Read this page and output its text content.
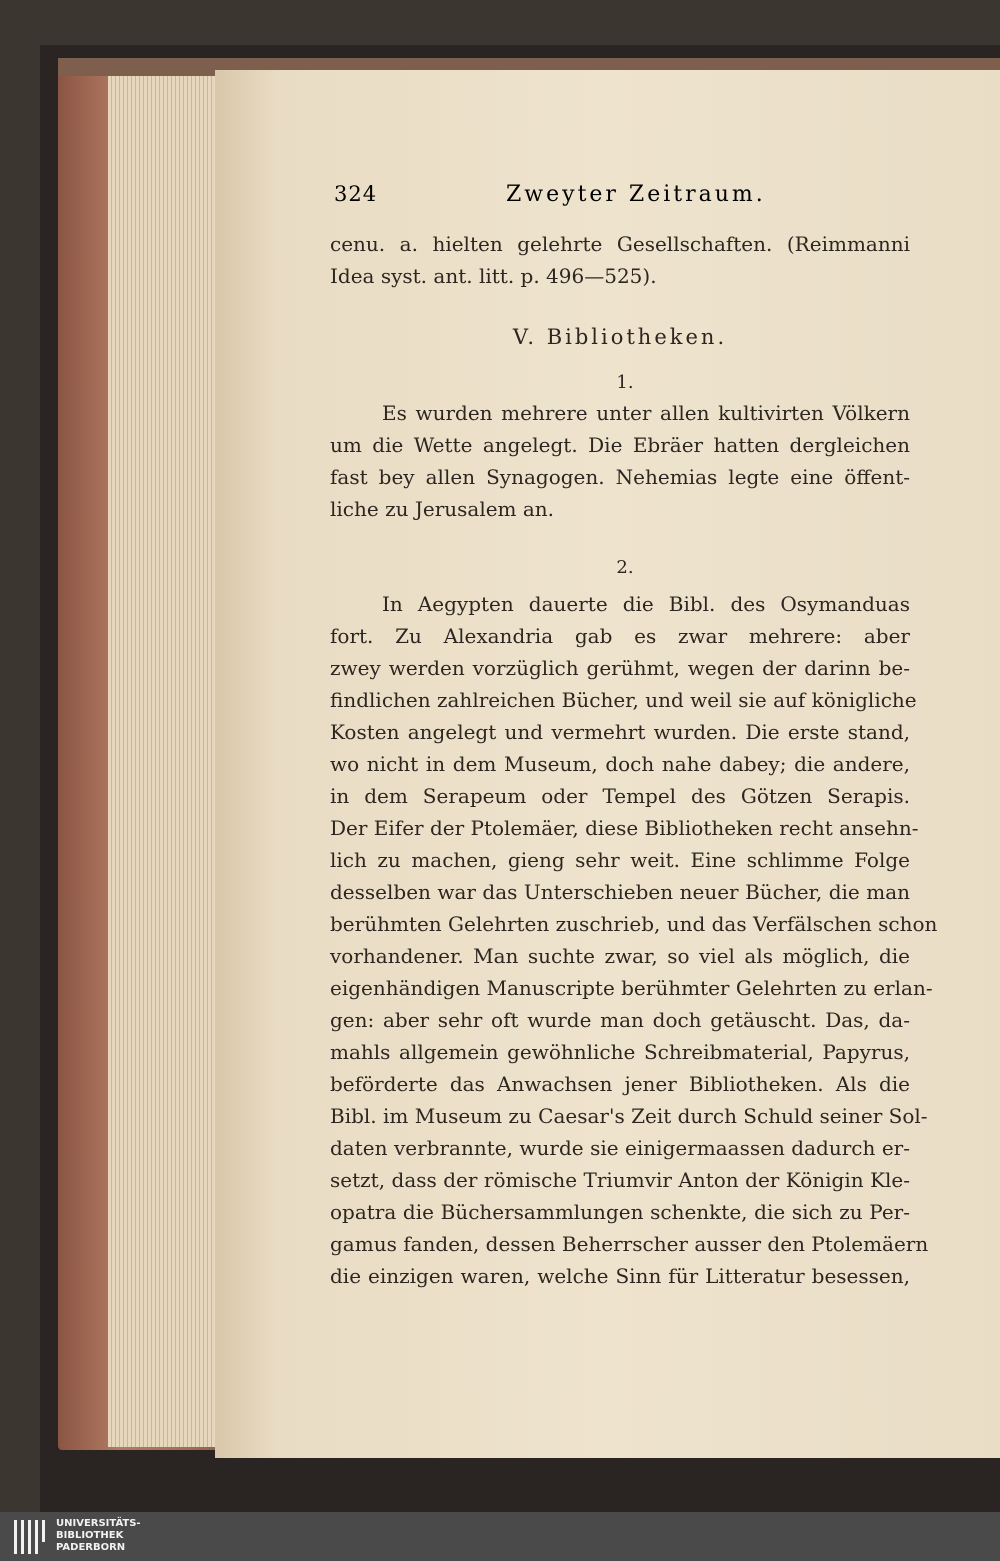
324	Zweyter Zeitraum.
cenu. a. hielten gelehrte Gesellschaften. (Reimmanni
Idea syst. ant. litt. p. 496—525).
V. Bibliotheken.
1.
Es wurden mehrere unter allen kultivirten Völkern
um die Wette angelegt. Die Ebräer hatten dergleichen
fast bey allen Synagogen. Nehemias legte eine öffent-
liche zu Jerusalem an.
2.
In Aegypten dauerte die Bibl. des Osymanduas
fort. Zu Alexandria gab es zwar mehrere: aber
zwey werden vorzüglich gerühmt, wegen der darinn be-
findlichen zahlreichen Bücher, und weil sie auf königliche
Kosten angelegt und vermehrt wurden. Die erste stand,
wo nicht in dem Museum, doch nahe dabey; die andere,
in dem Serapeum oder Tempel des Götzen Serapis.
Der Eifer der Ptolemäer, diese Bibliotheken recht ansehn-
lich zu machen, gieng sehr weit. Eine schlimme Folge
desselben war das Unterschieben neuer Bücher, die man
berühmten Gelehrten zuschrieb, und das Verfälschen schon
vorhandener. Man suchte zwar, so viel als möglich, die
eigenhändigen Manuscripte berühmter Gelehrten zu erlan-
gen: aber sehr oft wurde man doch getäuscht. Das, da-
mahls allgemein gewöhnliche Schreibmaterial, Papyrus,
beförderte das Anwachsen jener Bibliotheken. Als die
Bibl. im Museum zu Caesar's Zeit durch Schuld seiner Sol-
daten verbrannte, wurde sie einigermaassen dadurch er-
setzt, dass der römische Triumvir Anton der Königin Kle-
opatra die Büchersammlungen schenkte, die sich zu Per-
gamus fanden, dessen Beherrscher ausser den Ptolemäern
die einzigen waren, welche Sinn für Litteratur besessen,
UNIVERSITÄTS-
BIBLIOTHEK
PADERBORN
